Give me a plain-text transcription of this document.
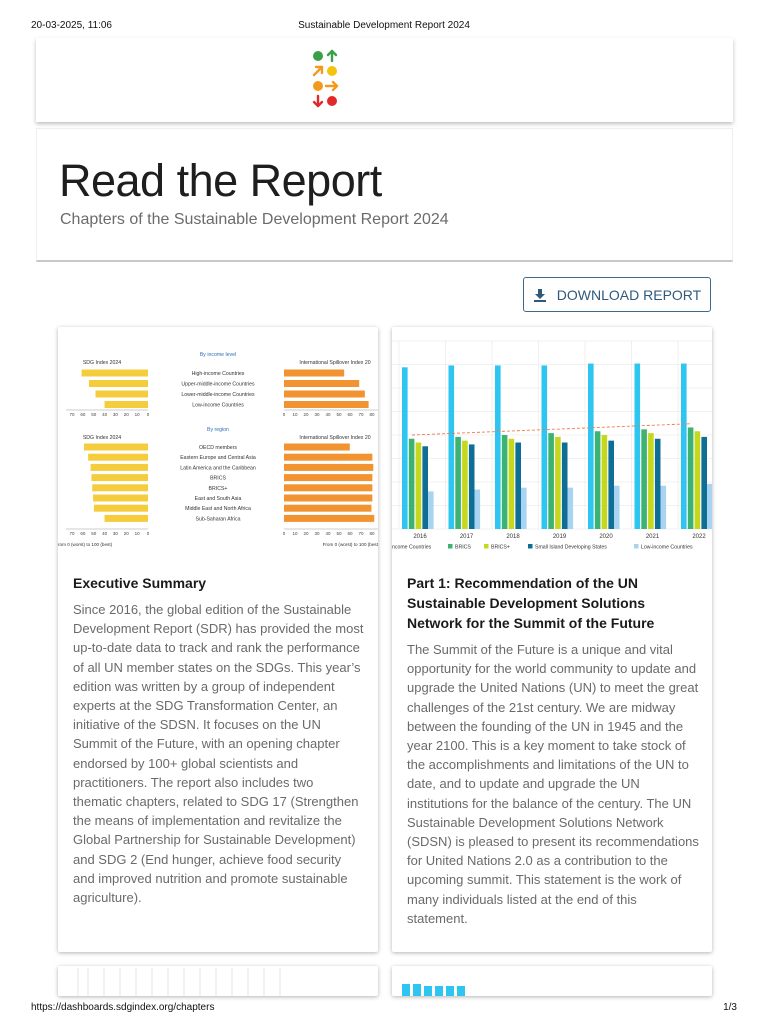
20-03-2025, 11:06	Sustainable Development Report 2024
Read the Report
Chapters of the Sustainable Development Report 2024
DOWNLOAD REPORT
SDG Index 2024	International Spillover Index 20
By income level
High-income Countries
Upper-middle-income Countries
Lower-middle-income Countries
Low-income Countries
70 60 50 40 30 20 10 0	0 10 20 30 40 50 60 70 80
SDG Index 2024	International Spillover Index 20
By region
OECD members
Eastern Europe and Central Asia
Latin America and the Caribbean
BRICS
BRICS+
East and South Asia
Middle East and North Africa
Sub-Saharan Africa
70 60 50 40 30 20 10 0	0 10 20 30 40 50 60 70 80
rom 0 (worst) to 100 (best)	From 0 (worst) to 100 (best
Executive Summary
Since 2016, the global edition of the Sustainable Development Report (SDR) has provided the most up-to-date data to track and rank the performance of all UN member states on the SDGs. This year’s edition was written by a group of independent experts at the SDG Transformation Center, an initiative of the SDSN. It focuses on the UN Summit of the Future, with an opening chapter endorsed by 100+ global scientists and practitioners. The report also includes two thematic chapters, related to SDG 17 (Strengthen the means of implementation and revitalize the Global Partnership for Sustainable Development) and SDG 2 (End hunger, achieve food security and improved nutrition and promote sustainable agriculture).
2016	2017	2018	2019	2020	2021	2022
ncome Countries	BRICS	BRICS+	Small Island Developing States	Low-income Countries
Part 1: Recommendation of the UN Sustainable Development Solutions Network for the Summit of the Future
The Summit of the Future is a unique and vital opportunity for the world community to update and upgrade the United Nations (UN) to meet the great challenges of the 21st century. We are midway between the founding of the UN in 1945 and the year 2100. This is a key moment to take stock of the accomplishments and limitations of the UN to date, and to update and upgrade the UN institutions for the balance of the century. The UN Sustainable Development Solutions Network (SDSN) is pleased to present its recommendations for United Nations 2.0 as a contribution to the upcoming summit. This statement is the work of many individuals listed at the end of this statement.
https://dashboards.sdgindex.org/chapters	1/3
